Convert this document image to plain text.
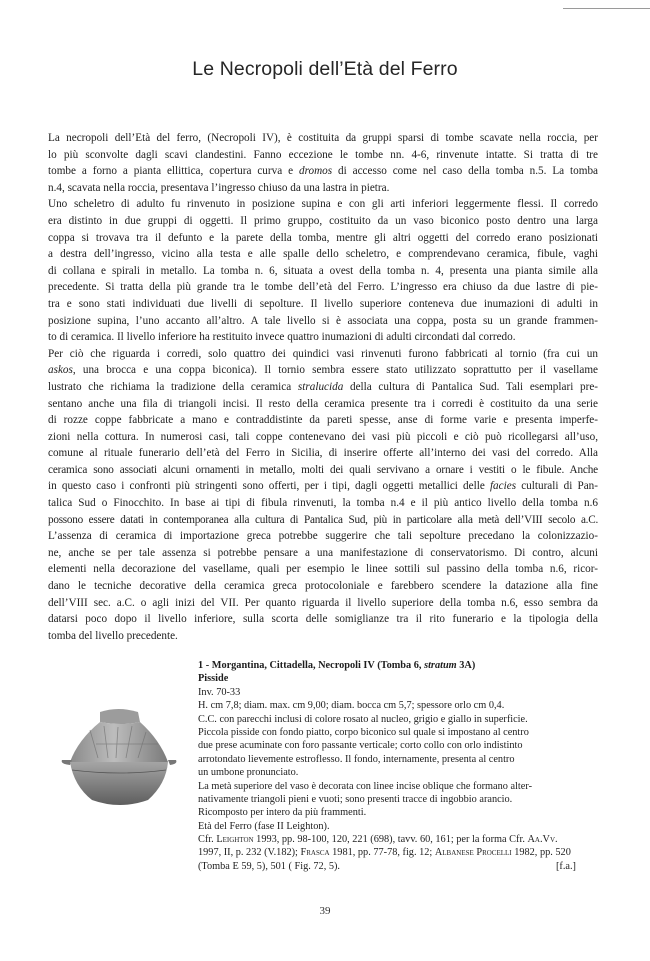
Le Necropoli dell’Età del Ferro
La necropoli dell’Età del ferro, (Necropoli IV), è costituita da gruppi sparsi di tombe scavate nella roccia, per
lo più sconvolte dagli scavi clandestini. Fanno eccezione le tombe nn. 4-6, rinvenute intatte. Si tratta di tre
tombe a forno a pianta ellittica, copertura curva e dromos di accesso come nel caso della tomba n.5. La tomba
n.4, scavata nella roccia, presentava l’ingresso chiuso da una lastra in pietra.
Uno scheletro di adulto fu rinvenuto in posizione supina e con gli arti inferiori leggermente flessi. Il corredo
era distinto in due gruppi di oggetti. Il primo gruppo, costituito da un vaso biconico posto dentro una larga
coppa si trovava tra il defunto e la parete della tomba, mentre gli altri oggetti del corredo erano posizionati
a destra dell’ingresso, vicino alla testa e alle spalle dello scheletro, e comprendevano ceramica, fibule, vaghi
di collana e spirali in metallo. La tomba n. 6, situata a ovest della tomba n. 4, presenta una pianta simile alla
precedente. Si tratta della più grande tra le tombe dell’età del Ferro. L’ingresso era chiuso da due lastre di pie-
tra e sono stati individuati due livelli di sepolture. Il livello superiore conteneva due inumazioni di adulti in
posizione supina, l’uno accanto all’altro. A tale livello si è associata una coppa, posta su un grande frammen-
to di ceramica. Il livello inferiore ha restituito invece quattro inumazioni di adulti circondati dal corredo.
Per ciò che riguarda i corredi, solo quattro dei quindici vasi rinvenuti furono fabbricati al tornio (fra cui un
askos, una brocca e una coppa biconica). Il tornio sembra essere stato utilizzato soprattutto per il vasellame
lustrato che richiama la tradizione della ceramica stralucida della cultura di Pantalica Sud. Tali esemplari pre-
sentano anche una fila di triangoli incisi. Il resto della ceramica presente tra i corredi è costituito da una serie
di rozze coppe fabbricate a mano e contraddistinte da pareti spesse, anse di forme varie e presenta imperfe-
zioni nella cottura. In numerosi casi, tali coppe contenevano dei vasi più piccoli e ciò può ricollegarsi all’uso,
comune al rituale funerario dell’età del Ferro in Sicilia, di inserire offerte all’interno dei vasi del corredo. Alla
ceramica sono associati alcuni ornamenti in metallo, molti dei quali servivano a ornare i vestiti o le fibule. Anche
in questo caso i confronti più stringenti sono offerti, per i tipi, dagli oggetti metallici delle facies culturali di Pan-
talica Sud o Finocchito. In base ai tipi di fibula rinvenuti, la tomba n.4 e il più antico livello della tomba n.6
possono essere datati in contemporanea alla cultura di Pantalica Sud, più in particolare alla metà dell’VIII secolo a.C.
L’assenza di ceramica di importazione greca potrebbe suggerire che tali sepolture precedano la colonizzazio-
ne, anche se per tale assenza si potrebbe pensare a una manifestazione di conservatorismo. Di contro, alcuni
elementi nella decorazione del vasellame, quali per esempio le linee sottili sul passino della tomba n.6, ricor-
dano le tecniche decorative della ceramica greca protocoloniale e farebbero scendere la datazione alla fine
dell’VIII sec. a.C. o agli inizi del VII. Per quanto riguarda il livello superiore della tomba n.6, esso sembra da
datarsi poco dopo il livello inferiore, sulla scorta delle somiglianze tra il rito funerario e la tipologia della
tomba del livello precedente.
1 - Morgantina, Cittadella, Necropoli IV (Tomba 6, stratum 3A)
Pisside
Inv. 70-33
H. cm 7,8; diam. max. cm 9,00; diam. bocca cm 5,7; spessore orlo cm 0,4.
C.C. con parecchi inclusi di colore rosato al nucleo, grigio e giallo in superficie.
Piccola pisside con fondo piatto, corpo biconico sul quale si impostano al centro
due prese acuminate con foro passante verticale; corto collo con orlo indistinto
arrotondato lievemente estroflesso. Il fondo, internamente, presenta al centro
un umbone pronunciato.
La metà superiore del vaso è decorata con linee incise oblique che formano alter-
nativamente triangoli pieni e vuoti; sono presenti tracce di ingobbio arancio.
Ricomposto per intero da più frammenti.
Età del Ferro (fase II Leighton).
Cfr. Leighton 1993, pp. 98-100, 120, 221 (698), tavv. 60, 161; per la forma Cfr. Aa.Vv.
1997, II, p. 232 (V.182); Frasca 1981, pp. 77-78, fig. 12; Albanese Procelli 1982, pp. 520
(Tomba E 59, 5), 501 ( Fig. 72, 5).	[f.a.]
39
